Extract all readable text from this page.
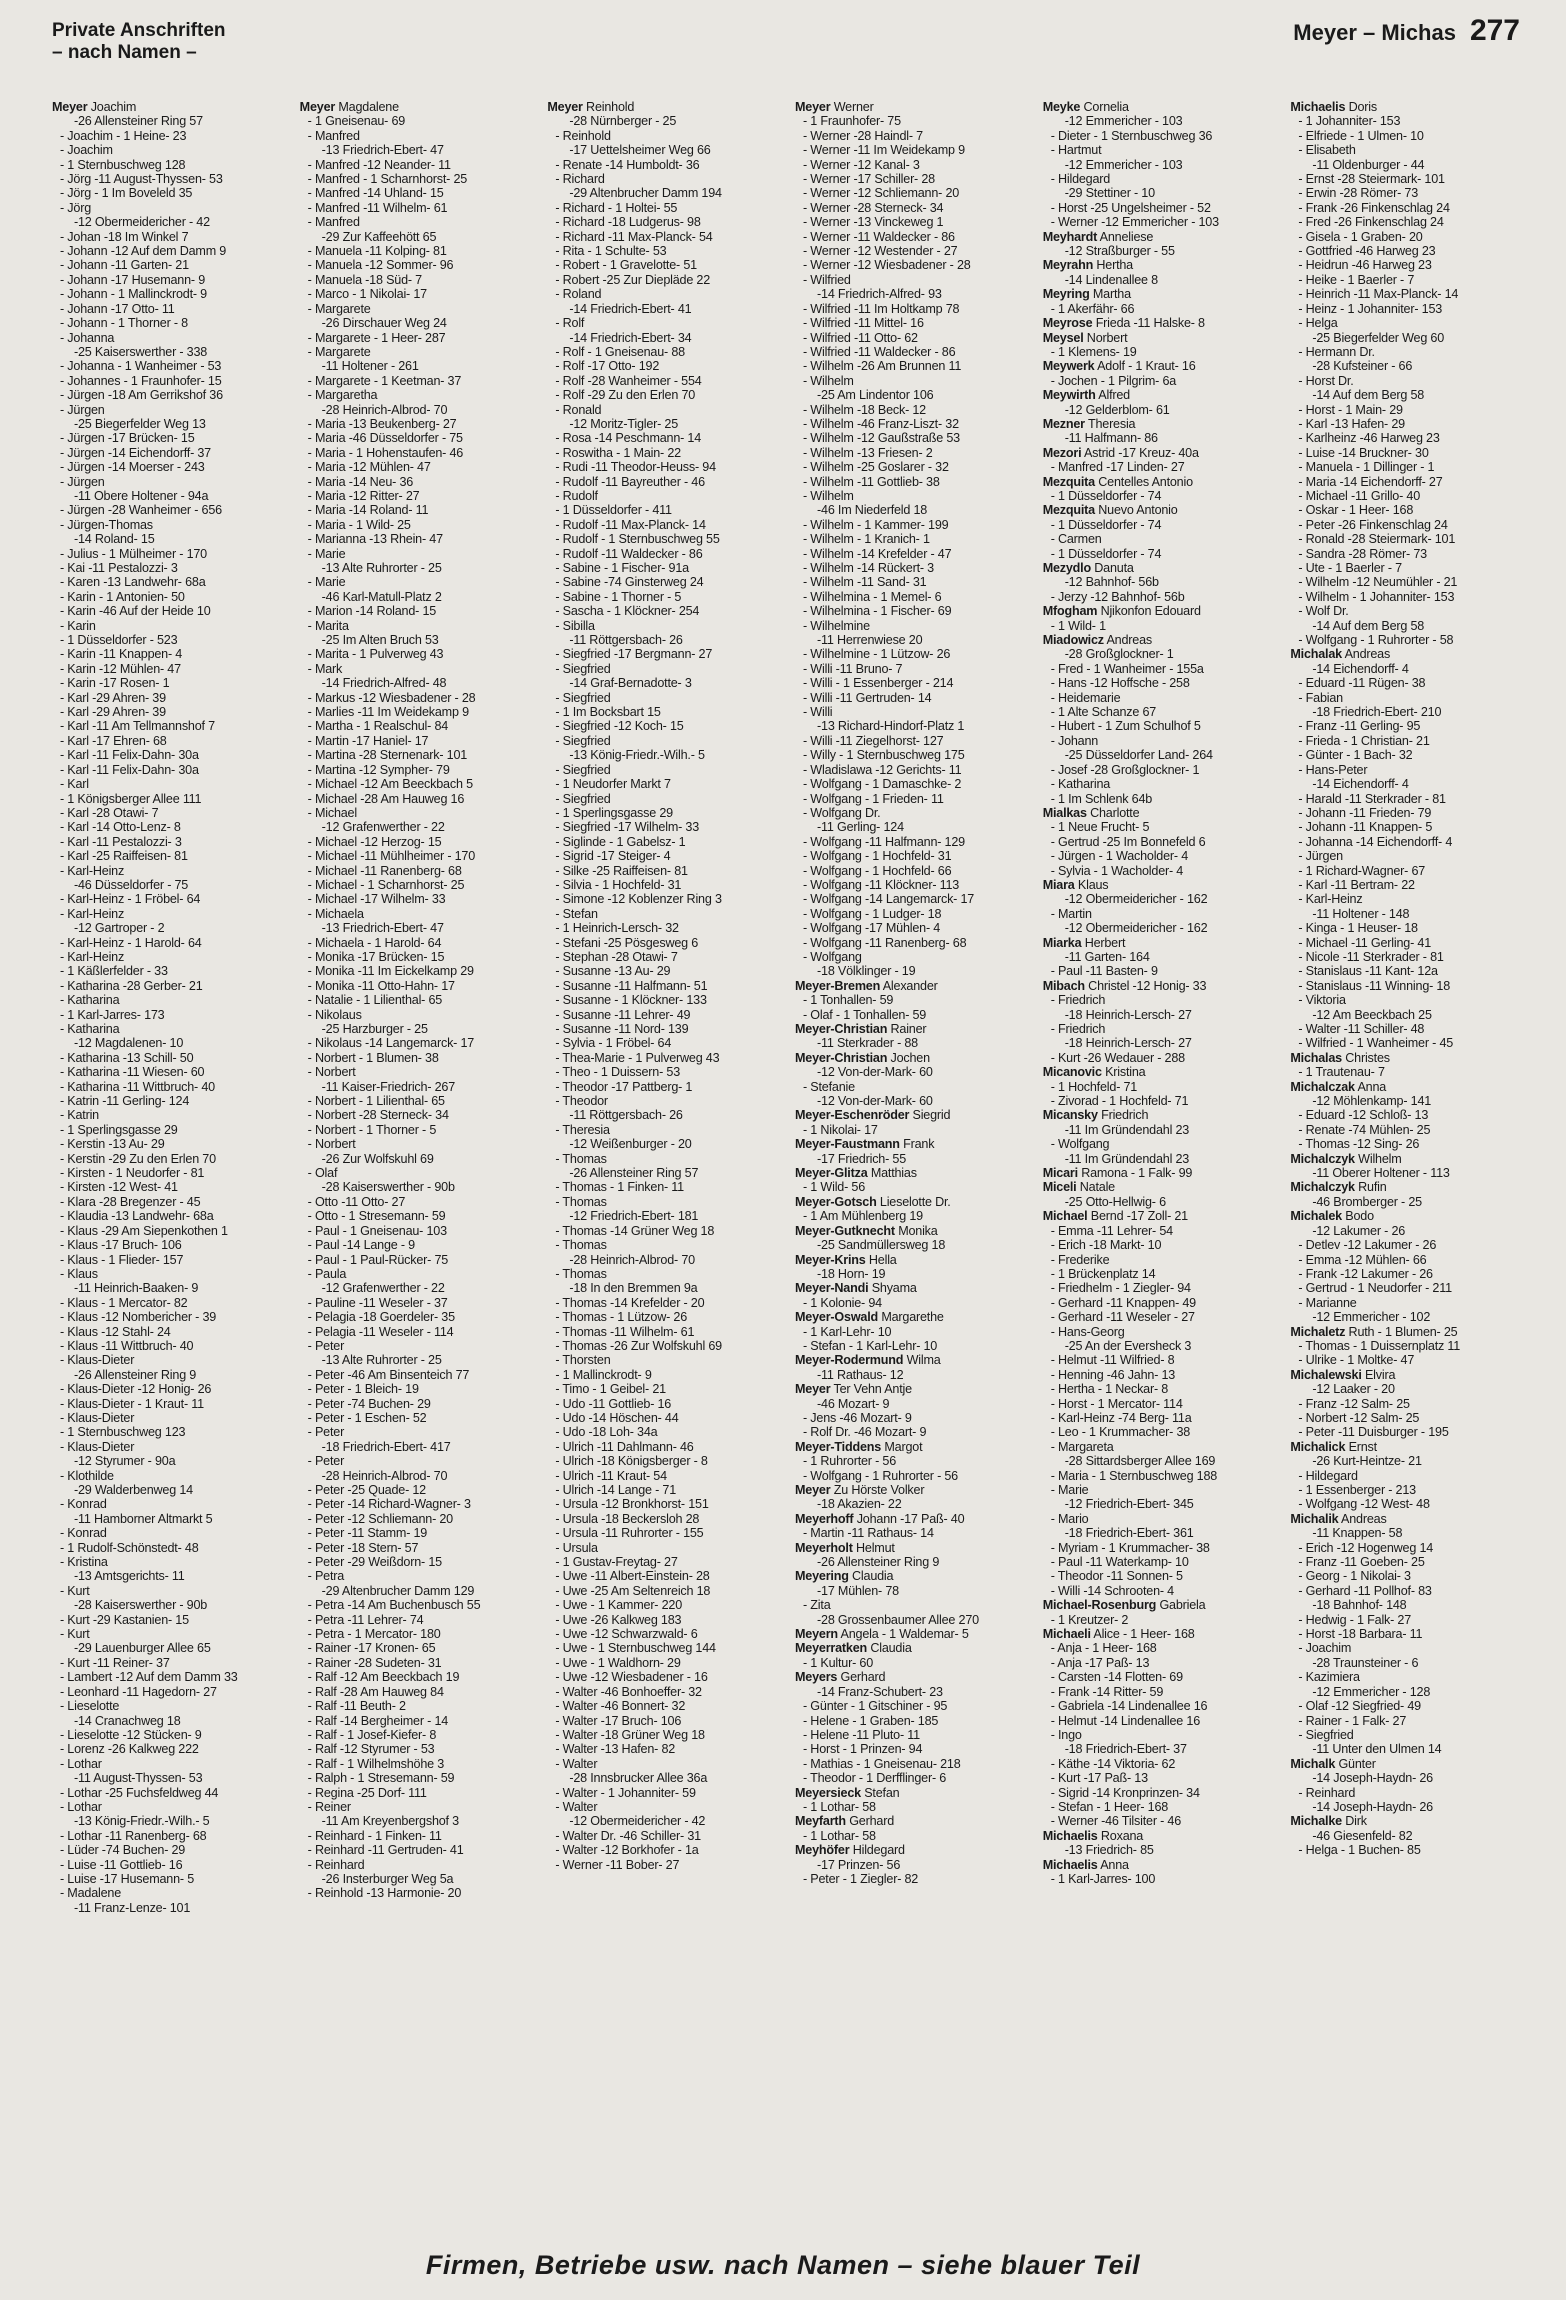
Private Anschriften
– nach Namen –
Meyer – Michas 277
Meyer Joachim
-26 Allensteiner Ring 57
- Joachim - 1 Heine- 23
- Joachim
- 1 Sternbuschweg 128
- Jörg -11 August-Thyssen- 53
- Jörg - 1 Im Boveleld 35
- Jörg
-12 Obermeidericher - 42
- Johan -18 Im Winkel 7
- Johann -12 Auf dem Damm 9
- Johann -11 Garten- 21
- Johann -17 Husemann- 9
- Johann - 1 Mallinckrodt- 9
- Johann -17 Otto- 11
- Johann - 1 Thorner - 8
- Johanna
-25 Kaiserswerther - 338
- Johanna - 1 Wanheimer - 53
- Johannes - 1 Fraunhofer- 15
- Jürgen -18 Am Gerrikshof 36
- Jürgen
-25 Biegerfelder Weg 13
- Jürgen -17 Brücken- 15
- Jürgen -14 Eichendorff- 37
- Jürgen -14 Moerser - 243
- Jürgen
-11 Obere Holtener - 94a
- Jürgen -28 Wanheimer - 656
- Jürgen-Thomas
-14 Roland- 15
- Julius - 1 Mülheimer - 170
- Kai -11 Pestalozzi- 3
- Karen -13 Landwehr- 68a
- Karin - 1 Antonien- 50
- Karin -46 Auf der Heide 10
- Karin
- 1 Düsseldorfer - 523
- Karin -11 Knappen- 4
- Karin -12 Mühlen- 47
- Karin -17 Rosen- 1
- Karl -29 Ahren- 39
- Karl -29 Ahren- 39
- Karl -11 Am Tellmannshof 7
- Karl -17 Ehren- 68
- Karl -11 Felix-Dahn- 30a
- Karl -11 Felix-Dahn- 30a
- Karl
- 1 Königsberger Allee 111
- Karl -28 Otawi- 7
- Karl -14 Otto-Lenz- 8
- Karl -11 Pestalozzi- 3
- Karl -25 Raiffeisen- 81
- Karl-Heinz
-46 Düsseldorfer - 75
- Karl-Heinz - 1 Fröbel- 64
- Karl-Heinz
-12 Gartroper - 2
- Karl-Heinz - 1 Harold- 64
- Karl-Heinz
- 1 Käßlerfelder - 33
- Katharina -28 Gerber- 21
- Katharina
- 1 Karl-Jarres- 173
- Katharina
-12 Magdalenen- 10
- Katharina -13 Schill- 50
- Katharina -11 Wiesen- 60
- Katharina -11 Wittbruch- 40
- Katrin -11 Gerling- 124
- Katrin
- 1 Sperlingsgasse 29
- Kerstin -13 Au- 29
- Kerstin -29 Zu den Erlen 70
- Kirsten - 1 Neudorfer - 81
- Kirsten -12 West- 41
- Klara -28 Bregenzer - 45
- Klaudia -13 Landwehr- 68a
- Klaus -29 Am Siepenkothen 1
- Klaus -17 Bruch- 106
- Klaus - 1 Flieder- 157
- Klaus
-11 Heinrich-Baaken- 9
- Klaus - 1 Mercator- 82
- Klaus -12 Nombericher - 39
- Klaus -12 Stahl- 24
- Klaus -11 Wittbruch- 40
- Klaus-Dieter
-26 Allensteiner Ring 9
- Klaus-Dieter -12 Honig- 26
- Klaus-Dieter - 1 Kraut- 11
- Klaus-Dieter
- 1 Sternbuschweg 123
- Klaus-Dieter
-12 Styrumer - 90a
- Klothilde
-29 Walderbenweg 14
- Konrad
-11 Hamborner Altmarkt 5
- Konrad
- 1 Rudolf-Schönstedt- 48
- Kristina
-13 Amtsgerichts- 11
- Kurt
-28 Kaiserswerther - 90b
- Kurt -29 Kastanien- 15
- Kurt
-29 Lauenburger Allee 65
- Kurt -11 Reiner- 37
- Lambert -12 Auf dem Damm 33
- Leonhard -11 Hagedorn- 27
- Lieselotte
-14 Cranachweg 18
- Lieselotte -12 Stücken- 9
- Lorenz -26 Kalkweg 222
- Lothar
-11 August-Thyssen- 53
- Lothar -25 Fuchsfeldweg 44
- Lothar
-13 König-Friedr.-Wilh.- 5
- Lothar -11 Ranenberg- 68
- Lüder -74 Buchen- 29
- Luise -11 Gottlieb- 16
- Luise -17 Husemann- 5
- Madalene
-11 Franz-Lenze- 101
Meyer Magdalene
- 1 Gneisenau- 69
- Manfred
-13 Friedrich-Ebert- 47
- Manfred -12 Neander- 11
- Manfred - 1 Scharnhorst- 25
- Manfred -14 Uhland- 15
- Manfred -11 Wilhelm- 61
- Manfred
-29 Zur Kaffeehött 65
- Manuela -11 Kolping- 81
- Manuela -12 Sommer- 96
- Manuela -18 Süd- 7
- Marco - 1 Nikolai- 17
- Margarete
-26 Dirschauer Weg 24
- Margarete - 1 Heer- 287
- Margarete
-11 Holtener - 261
- Margarete - 1 Keetman- 37
- Margaretha
-28 Heinrich-Albrod- 70
- Maria -13 Beukenberg- 27
- Maria -46 Düsseldorfer - 75
- Maria - 1 Hohenstaufen- 46
- Maria -12 Mühlen- 47
- Maria -14 Neu- 36
- Maria -12 Ritter- 27
- Maria -14 Roland- 11
- Maria - 1 Wild- 25
- Marianna -13 Rhein- 47
- Marie
-13 Alte Ruhrorter - 25
- Marie
-46 Karl-Matull-Platz 2
- Marion -14 Roland- 15
- Marita
-25 Im Alten Bruch 53
- Marita - 1 Pulverweg 43
- Mark
-14 Friedrich-Alfred- 48
- Markus -12 Wiesbadener - 28
- Marlies -11 Im Weidekamp 9
- Martha - 1 Realschul- 84
- Martin -17 Haniel- 17
- Martina -28 Sternenark- 101
- Martina -12 Sympher- 79
- Michael -12 Am Beeckbach 5
- Michael -28 Am Hauweg 16
- Michael
-12 Grafenwerther - 22
- Michael -12 Herzog- 15
- Michael -11 Mühlheimer - 170
- Michael -11 Ranenberg- 68
- Michael - 1 Scharnhorst- 25
- Michael -17 Wilhelm- 33
- Michaela
-13 Friedrich-Ebert- 47
- Michaela - 1 Harold- 64
- Monika -17 Brücken- 15
- Monika -11 Im Eickelkamp 29
- Monika -11 Otto-Hahn- 17
- Natalie - 1 Lilienthal- 65
- Nikolaus
-25 Harzburger - 25
- Nikolaus -14 Langemarck- 17
- Norbert - 1 Blumen- 38
- Norbert
-11 Kaiser-Friedrich- 267
- Norbert - 1 Lilienthal- 65
- Norbert -28 Sterneck- 34
- Norbert - 1 Thorner - 5
- Norbert
-26 Zur Wolfskuhl 69
- Olaf
-28 Kaiserswerther - 90b
- Otto -11 Otto- 27
- Otto - 1 Stresemann- 59
- Paul - 1 Gneisenau- 103
- Paul -14 Lange - 9
- Paul - 1 Paul-Rücker- 75
- Paula
-12 Grafenwerther - 22
- Pauline -11 Weseler - 37
- Pelagia -18 Goerdeler- 35
- Pelagia -11 Weseler - 114
- Peter
-13 Alte Ruhrorter - 25
- Peter -46 Am Binsenteich 77
- Peter - 1 Bleich- 19
- Peter -74 Buchen- 29
- Peter - 1 Eschen- 52
- Peter
-18 Friedrich-Ebert- 417
- Peter
-28 Heinrich-Albrod- 70
- Peter -25 Quade- 12
- Peter -14 Richard-Wagner- 3
- Peter -12 Schliemann- 20
- Peter -11 Stamm- 19
- Peter -18 Stern- 57
- Peter -29 Weißdorn- 15
- Petra
-29 Altenbrucher Damm 129
- Petra -14 Am Buchenbusch 55
- Petra -11 Lehrer- 74
- Petra - 1 Mercator- 180
- Rainer -17 Kronen- 65
- Rainer -28 Sudeten- 31
- Ralf -12 Am Beeckbach 19
- Ralf -28 Am Hauweg 84
- Ralf -11 Beuth- 2
- Ralf -14 Bergheimer - 14
- Ralf - 1 Josef-Kiefer- 8
- Ralf -12 Styrumer - 53
- Ralf - 1 Wilhelmshöhe 3
- Ralph - 1 Stresemann- 59
- Regina -25 Dorf- 111
- Reiner
-11 Am Kreyenbergshof 3
- Reinhard - 1 Finken- 11
- Reinhard -11 Gertruden- 41
- Reinhard
-26 Insterburger Weg 5a
- Reinhold -13 Harmonie- 20
Meyer Reinhold
-28 Nürnberger - 25
- Reinhold
-17 Uettelsheimer Weg 66
- Renate -14 Humboldt- 36
- Richard
-29 Altenbrucher Damm 194
- Richard - 1 Holtei- 55
- Richard -18 Ludgerus- 98
- Richard -11 Max-Planck- 54
- Rita - 1 Schulte- 53
- Robert - 1 Gravelotte- 51
- Robert -25 Zur Diepläde 22
- Roland
-14 Friedrich-Ebert- 41
- Rolf
-14 Friedrich-Ebert- 34
- Rolf - 1 Gneisenau- 88
- Rolf -17 Otto- 192
- Rolf -28 Wanheimer - 554
- Rolf -29 Zu den Erlen 70
- Ronald
-12 Moritz-Tigler- 25
- Rosa -14 Peschmann- 14
- Roswitha - 1 Main- 22
- Rudi -11 Theodor-Heuss- 94
- Rudolf -11 Bayreuther - 46
- Rudolf
- 1 Düsseldorfer - 411
- Rudolf -11 Max-Planck- 14
- Rudolf - 1 Sternbuschweg 55
- Rudolf -11 Waldecker - 86
- Sabine - 1 Fischer- 91a
- Sabine -74 Ginsterweg 24
- Sabine - 1 Thorner - 5
- Sascha - 1 Klöckner- 254
- Sibilla
-11 Röttgersbach- 26
- Siegfried -17 Bergmann- 27
- Siegfried
-14 Graf-Bernadotte- 3
- Siegfried
- 1 Im Bocksbart 15
- Siegfried -12 Koch- 15
- Siegfried
-13 König-Friedr.-Wilh.- 5
- Siegfried
- 1 Neudorfer Markt 7
- Siegfried
- 1 Sperlingsgasse 29
- Siegfried -17 Wilhelm- 33
- Siglinde - 1 Gabelsz- 1
- Sigrid -17 Steiger- 4
- Silke -25 Raiffeisen- 81
- Silvia - 1 Hochfeld- 31
- Simone -12 Koblenzer Ring 3
- Stefan
- 1 Heinrich-Lersch- 32
- Stefani -25 Pösgesweg 6
- Stephan -28 Otawi- 7
- Susanne -13 Au- 29
- Susanne -11 Halfmann- 51
- Susanne - 1 Klöckner- 133
- Susanne -11 Lehrer- 49
- Susanne -11 Nord- 139
- Sylvia - 1 Fröbel- 64
- Thea-Marie - 1 Pulverweg 43
- Theo - 1 Duissern- 53
- Theodor -17 Pattberg- 1
- Theodor
-11 Röttgersbach- 26
- Theresia
-12 Weißenburger - 20
- Thomas
-26 Allensteiner Ring 57
- Thomas - 1 Finken- 11
- Thomas
-12 Friedrich-Ebert- 181
- Thomas -14 Grüner Weg 18
- Thomas
-28 Heinrich-Albrod- 70
- Thomas
-18 In den Bremmen 9a
- Thomas -14 Krefelder - 20
- Thomas - 1 Lützow- 26
- Thomas -11 Wilhelm- 61
- Thomas -26 Zur Wolfskuhl 69
- Thorsten
- 1 Mallinckrodt- 9
- Timo - 1 Geibel- 21
- Udo -11 Gottlieb- 16
- Udo -14 Höschen- 44
- Udo -18 Loh- 34a
- Ulrich -11 Dahlmann- 46
- Ulrich -18 Königsberger - 8
- Ulrich -11 Kraut- 54
- Ulrich -14 Lange - 71
- Ursula -12 Bronkhorst- 151
- Ursula -18 Beckersloh 28
- Ursula -11 Ruhrorter - 155
- Ursula
- 1 Gustav-Freytag- 27
- Uwe -11 Albert-Einstein- 28
- Uwe -25 Am Seltenreich 18
- Uwe - 1 Kammer- 220
- Uwe -26 Kalkweg 183
- Uwe -12 Schwarzwald- 6
- Uwe - 1 Sternbuschweg 144
- Uwe - 1 Waldhorn- 29
- Uwe -12 Wiesbadener - 16
- Walter -46 Bonhoeffer- 32
- Walter -46 Bonnert- 32
- Walter -17 Bruch- 106
- Walter -18 Grüner Weg 18
- Walter -13 Hafen- 82
- Walter
-28 Innsbrucker Allee 36a
- Walter - 1 Johanniter- 59
- Walter
-12 Obermeidericher - 42
- Walter Dr. -46 Schiller- 31
- Walter -12 Borkhofer - 1a
- Werner -11 Bober- 27
Meyer Werner
- 1 Fraunhofer- 75
- Werner -28 Haindl- 7
- Werner -11 Im Weidekamp 9
- Werner -12 Kanal- 3
- Werner -17 Schiller- 28
- Werner -12 Schliemann- 20
- Werner -28 Sterneck- 34
- Werner -13 Vinckeweg 1
- Werner -11 Waldecker - 86
- Werner -12 Westender - 27
- Werner -12 Wiesbadener - 28
- Wilfried
-14 Friedrich-Alfred- 93
- Wilfried -11 Im Holtkamp 78
- Wilfried -11 Mittel- 16
- Wilfried -11 Otto- 62
- Wilfried -11 Waldecker - 86
- Wilhelm -26 Am Brunnen 11
- Wilhelm
-25 Am Lindentor 106
- Wilhelm -18 Beck- 12
- Wilhelm -46 Franz-Liszt- 32
- Wilhelm -12 Gaußstraße 53
- Wilhelm -13 Friesen- 2
- Wilhelm -25 Goslarer - 32
- Wilhelm -11 Gottlieb- 38
- Wilhelm
-46 Im Niederfeld 18
- Wilhelm - 1 Kammer- 199
- Wilhelm - 1 Kranich- 1
- Wilhelm -14 Krefelder - 47
- Wilhelm -14 Rückert- 3
- Wilhelm -11 Sand- 31
- Wilhelmina - 1 Memel- 6
- Wilhelmina - 1 Fischer- 69
- Wilhelmine
-11 Herrenwiese 20
- Wilhelmine - 1 Lützow- 26
- Willi -11 Bruno- 7
- Willi - 1 Essenberger - 214
- Willi -11 Gertruden- 14
- Willi
-13 Richard-Hindorf-Platz 1
- Willi -11 Ziegelhorst- 127
- Willy - 1 Sternbuschweg 175
- Wladislawa -12 Gerichts- 11
- Wolfgang - 1 Damaschke- 2
- Wolfgang - 1 Frieden- 11
- Wolfgang Dr.
-11 Gerling- 124
- Wolfgang -11 Halfmann- 129
- Wolfgang - 1 Hochfeld- 31
- Wolfgang - 1 Hochfeld- 66
- Wolfgang -11 Klöckner- 113
- Wolfgang -14 Langemarck- 17
- Wolfgang - 1 Ludger- 18
- Wolfgang -17 Mühlen- 4
- Wolfgang -11 Ranenberg- 68
- Wolfgang
-18 Völklinger - 19
Meyer-Bremen Alexander
- 1 Tonhallen- 59
- Olaf - 1 Tonhallen- 59
Meyer-Christian Rainer
-11 Sterkrader - 88
Meyer-Christian Jochen
-12 Von-der-Mark- 60
- Stefanie
-12 Von-der-Mark- 60
Meyer-Eschenröder Siegrid
- 1 Nikolai- 17
Meyer-Faustmann Frank
-17 Friedrich- 55
Meyer-Glitza Matthias
- 1 Wild- 56
Meyer-Gotsch Lieselotte Dr.
- 1 Am Mühlenberg 19
Meyer-Gutknecht Monika
-25 Sandmüllersweg 18
Meyer-Krins Hella
-18 Horn- 19
Meyer-Nandi Shyama
- 1 Kolonie- 94
Meyer-Oswald Margarethe
- 1 Karl-Lehr- 10
- Stefan - 1 Karl-Lehr- 10
Meyer-Rodermund Wilma
-11 Rathaus- 12
Meyer Ter Vehn Antje
-46 Mozart- 9
- Jens -46 Mozart- 9
- Rolf Dr. -46 Mozart- 9
Meyer-Tiddens Margot
- 1 Ruhrorter - 56
- Wolfgang - 1 Ruhrorter - 56
Meyer Zu Hörste Volker
-18 Akazien- 22
Meyerhoff Johann -17 Paß- 40
- Martin -11 Rathaus- 14
Meyerholt Helmut
-26 Allensteiner Ring 9
Meyering Claudia
-17 Mühlen- 78
- Zita
-28 Grossenbaumer Allee 270
Meyern Angela - 1 Waldemar- 5
Meyerratken Claudia
- 1 Kultur- 60
Meyers Gerhard
-14 Franz-Schubert- 23
- Günter - 1 Gitschiner - 95
- Helene - 1 Graben- 185
- Helene -11 Pluto- 11
- Horst - 1 Prinzen- 94
- Mathias - 1 Gneisenau- 218
- Theodor - 1 Derfflinger- 6
Meyersieck Stefan
- 1 Lothar- 58
Meyfarth Gerhard
- 1 Lothar- 58
Meyhöfer Hildegard
-17 Prinzen- 56
- Peter - 1 Ziegler- 82
Meyke Cornelia
-12 Emmericher - 103
- Dieter - 1 Sternbuschweg 36
- Hartmut
-12 Emmericher - 103
- Hildegard
-29 Stettiner - 10
- Horst -25 Ungelsheimer - 52
- Werner -12 Emmericher - 103
Meyhardt Anneliese
-12 Straßburger - 55
Meyrahn Hertha
-14 Lindenallee 8
Meyring Martha
- 1 Akerfähr- 66
Meyrose Frieda -11 Halske- 8
Meysel Norbert
- 1 Klemens- 19
Meywerk Adolf - 1 Kraut- 16
- Jochen - 1 Pilgrim- 6a
Meywirth Alfred
-12 Gelderblom- 61
Mezner Theresia
-11 Halfmann- 86
Mezori Astrid -17 Kreuz- 40a
- Manfred -17 Linden- 27
Mezquita Centelles Antonio
- 1 Düsseldorfer - 74
Mezquita Nuevo Antonio
- 1 Düsseldorfer - 74
- Carmen
- 1 Düsseldorfer - 74
Mezydlo Danuta
-12 Bahnhof- 56b
- Jerzy -12 Bahnhof- 56b
Mfogham Njikonfon Edouard
- 1 Wild- 1
Miadowicz Andreas
-28 Großglockner- 1
- Fred - 1 Wanheimer - 155a
- Hans -12 Hoffsche - 258
- Heidemarie
- 1 Alte Schanze 67
- Hubert - 1 Zum Schulhof 5
- Johann
-25 Düsseldorfer Land- 264
- Josef -28 Großglockner- 1
- Katharina
- 1 Im Schlenk 64b
Mialkas Charlotte
- 1 Neue Frucht- 5
- Gertrud -25 Im Bonnefeld 6
- Jürgen - 1 Wacholder- 4
- Sylvia - 1 Wacholder- 4
Miara Klaus
-12 Obermeidericher - 162
- Martin
-12 Obermeidericher - 162
Miarka Herbert
-11 Garten- 164
- Paul -11 Basten- 9
Mibach Christel -12 Honig- 33
- Friedrich
-18 Heinrich-Lersch- 27
- Friedrich
-18 Heinrich-Lersch- 27
- Kurt -26 Wedauer - 288
Micanovic Kristina
- 1 Hochfeld- 71
- Zivorad - 1 Hochfeld- 71
Micansky Friedrich
-11 Im Gründendahl 23
- Wolfgang
-11 Im Gründendahl 23
Micari Ramona - 1 Falk- 99
Miceli Natale
-25 Otto-Hellwig- 6
Michael Bernd -17 Zoll- 21
- Emma -11 Lehrer- 54
- Erich -18 Markt- 10
- Frederike
- 1 Brückenplatz 14
- Friedhelm - 1 Ziegler- 94
- Gerhard -11 Knappen- 49
- Gerhard -11 Weseler - 27
- Hans-Georg
-25 An der Eversheck 3
- Helmut -11 Wilfried- 8
- Henning -46 Jahn- 13
- Hertha - 1 Neckar- 8
- Horst - 1 Mercator- 114
- Karl-Heinz -74 Berg- 11a
- Leo - 1 Krummacher- 38
- Margareta
-28 Sittardsberger Allee 169
- Maria - 1 Sternbuschweg 188
- Marie
-12 Friedrich-Ebert- 345
- Mario
-18 Friedrich-Ebert- 361
- Myriam - 1 Krummacher- 38
- Paul -11 Waterkamp- 10
- Theodor -11 Sonnen- 5
- Willi -14 Schrooten- 4
Michael-Rosenburg Gabriela
- 1 Kreutzer- 2
Michaeli Alice - 1 Heer- 168
- Anja - 1 Heer- 168
- Anja -17 Paß- 13
- Carsten -14 Flotten- 69
- Frank -14 Ritter- 59
- Gabriela -14 Lindenallee 16
- Helmut -14 Lindenallee 16
- Ingo
-18 Friedrich-Ebert- 37
- Käthe -14 Viktoria- 62
- Kurt -17 Paß- 13
- Sigrid -14 Kronprinzen- 34
- Stefan - 1 Heer- 168
- Werner -46 Tilsiter - 46
Michaelis Roxana
-13 Friedrich- 85
Michaelis Anna
- 1 Karl-Jarres- 100
Michaelis Doris
- 1 Johanniter- 153
- Elfriede - 1 Ulmen- 10
- Elisabeth
-11 Oldenburger - 44
- Ernst -28 Steiermark- 101
- Erwin -28 Römer- 73
- Frank -26 Finkenschlag 24
- Fred -26 Finkenschlag 24
- Gisela - 1 Graben- 20
- Gottfried -46 Harweg 23
- Heidrun -46 Harweg 23
- Heike - 1 Baerler - 7
- Heinrich -11 Max-Planck- 14
- Heinz - 1 Johanniter- 153
- Helga
-25 Biegerfelder Weg 60
- Hermann Dr.
-28 Kufsteiner - 66
- Horst Dr.
-14 Auf dem Berg 58
- Horst - 1 Main- 29
- Karl -13 Hafen- 29
- Karlheinz -46 Harweg 23
- Luise -14 Bruckner- 30
- Manuela - 1 Dillinger - 1
- Maria -14 Eichendorff- 27
- Michael -11 Grillo- 40
- Oskar - 1 Heer- 168
- Peter -26 Finkenschlag 24
- Ronald -28 Steiermark- 101
- Sandra -28 Römer- 73
- Ute - 1 Baerler - 7
- Wilhelm -12 Neumühler - 21
- Wilhelm - 1 Johanniter- 153
- Wolf Dr.
-14 Auf dem Berg 58
- Wolfgang - 1 Ruhrorter - 58
Michalak Andreas
-14 Eichendorff- 4
- Eduard -11 Rügen- 38
- Fabian
-18 Friedrich-Ebert- 210
- Franz -11 Gerling- 95
- Frieda - 1 Christian- 21
- Günter - 1 Bach- 32
- Hans-Peter
-14 Eichendorff- 4
- Harald -11 Sterkrader - 81
- Johann -11 Frieden- 79
- Johann -11 Knappen- 5
- Johanna -14 Eichendorff- 4
- Jürgen
- 1 Richard-Wagner- 67
- Karl -11 Bertram- 22
- Karl-Heinz
-11 Holtener - 148
- Kinga - 1 Heuser- 18
- Michael -11 Gerling- 41
- Nicole -11 Sterkrader - 81
- Stanislaus -11 Kant- 12a
- Stanislaus -11 Winning- 18
- Viktoria
-12 Am Beeckbach 25
- Walter -11 Schiller- 48
- Wilfried - 1 Wanheimer - 45
Michalas Christes
- 1 Trautenau- 7
Michalczak Anna
-12 Möhlenkamp- 141
- Eduard -12 Schloß- 13
- Renate -74 Mühlen- 25
- Thomas -12 Sing- 26
Michalczyk Wilhelm
-11 Oberer Holtener - 113
Michalczyk Rufin
-46 Bromberger - 25
Michalek Bodo
-12 Lakumer - 26
- Detlev -12 Lakumer - 26
- Emma -12 Mühlen- 66
- Frank -12 Lakumer - 26
- Gertrud - 1 Neudorfer - 211
- Marianne
-12 Emmericher - 102
Michaletz Ruth - 1 Blumen- 25
- Thomas - 1 Duissernplatz 11
- Ulrike - 1 Moltke- 47
Michalewski Elvira
-12 Laaker - 20
- Franz -12 Salm- 25
- Norbert -12 Salm- 25
- Peter -11 Duisburger - 195
Michalick Ernst
-26 Kurt-Heintze- 21
- Hildegard
- 1 Essenberger - 213
- Wolfgang -12 West- 48
Michalik Andreas
-11 Knappen- 58
- Erich -12 Hogenweg 14
- Franz -11 Goeben- 25
- Georg - 1 Nikolai- 3
- Gerhard -11 Pollhof- 83
-18 Bahnhof- 148
- Hedwig - 1 Falk- 27
- Horst -18 Barbara- 11
- Joachim
-28 Traunsteiner - 6
- Kazimiera
-12 Emmericher - 128
- Olaf -12 Siegfried- 49
- Rainer - 1 Falk- 27
- Siegfried
-11 Unter den Ulmen 14
Michalk Günter
-14 Joseph-Haydn- 26
- Reinhard
-14 Joseph-Haydn- 26
Michalke Dirk
-46 Giesenfeld- 82
- Helga - 1 Buchen- 85
Firmen, Betriebe usw. nach Namen – siehe blauer Teil
